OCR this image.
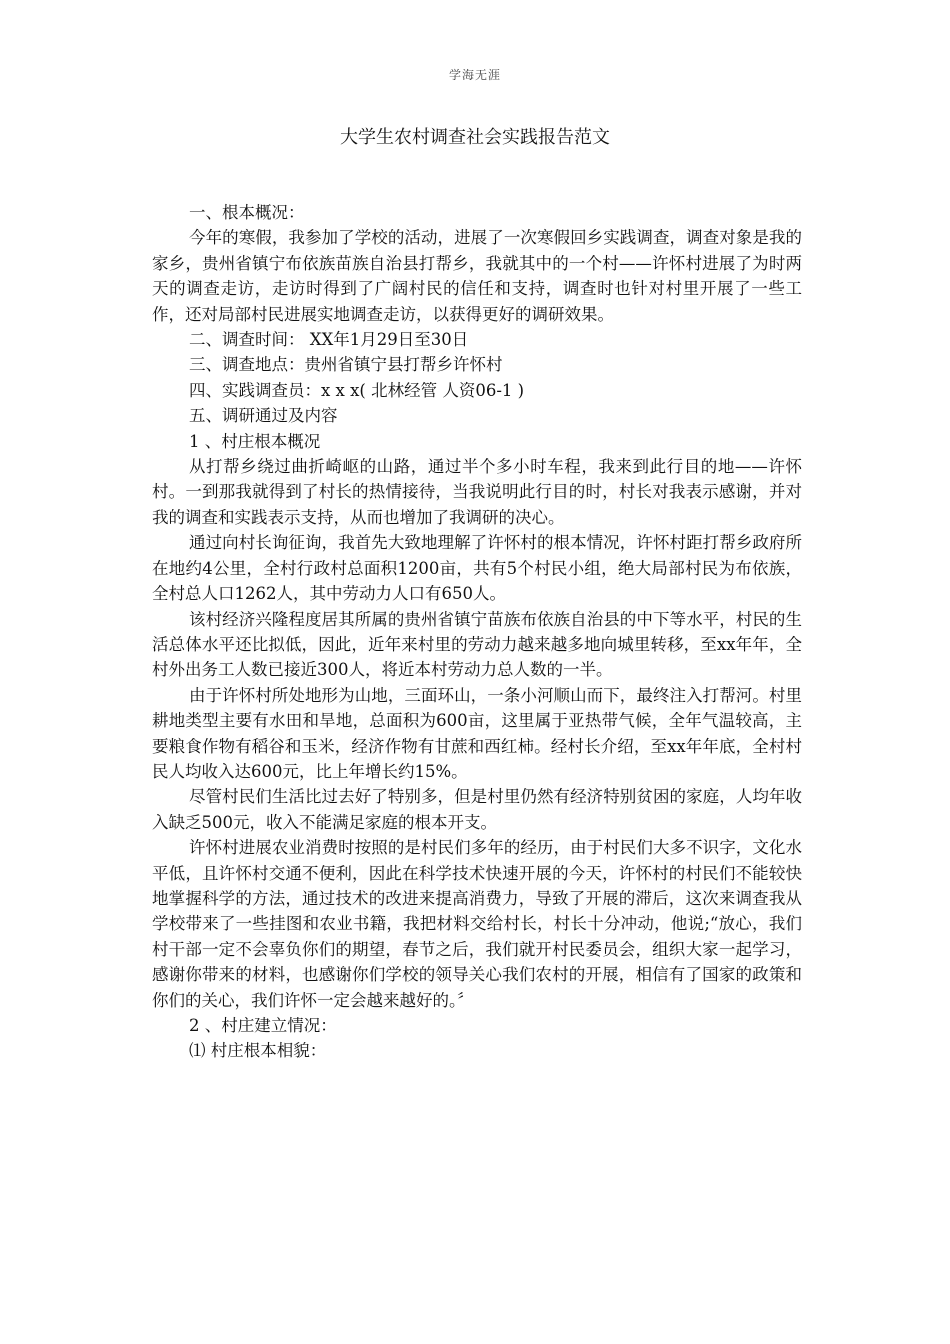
学海无涯
大学生农村调查社会实践报告范文

一、根本概况：

今年的寒假，我参加了学校的活动，进展了一次寒假回乡实践调查，调查对象是我的家乡，贵州省镇宁布依族苗族自治县打帮乡，我就其中的一个村——许怀村进展了为时两天的调查走访，走访时得到了广阔村民的信任和支持，调查时也针对村里开展了一些工作，还对局部村民进展实地调查走访，以获得更好的调研效果。

二、调查时间： XX年1月29日至30日

三、调查地点：贵州省镇宁县打帮乡许怀村

四、实践调查员：x x x( 北林经管 人资06-1 )

五、调研通过及内容

1 、村庄根本概况

从打帮乡绕过曲折崎岖的山路，通过半个多小时车程，我来到此行目的地——许怀村。一到那我就得到了村长的热情接待，当我说明此行目的时，村长对我表示感谢，并对我的调查和实践表示支持，从而也增加了我调研的决心。

通过向村长询征询，我首先大致地理解了许怀村的根本情况，许怀村距打帮乡政府所在地约4公里，全村行政村总面积1200亩，共有5个村民小组，绝大局部村民为布依族，全村总人口1262人，其中劳动力人口有650人。

该村经济兴隆程度居其所属的贵州省镇宁苗族布依族自治县的中下等水平，村民的生活总体水平还比拟低，因此，近年来村里的劳动力越来越多地向城里转移，至xx年年，全村外出务工人数已接近300人，将近本村劳动力总人数的一半。

由于许怀村所处地形为山地，三面环山，一条小河顺山而下，最终注入打帮河。村里耕地类型主要有水田和旱地，总面积为600亩，这里属于亚热带气候，全年气温较高，主要粮食作物有稻谷和玉米，经济作物有甘蔗和西红柿。经村长介绍，至xx年年底，全村村民人均收入达600元，比上年增长约15%。

尽管村民们生活比过去好了特别多，但是村里仍然有经济特别贫困的家庭，人均年收入缺乏500元，收入不能满足家庭的根本开支。

许怀村进展农业消费时按照的是村民们多年的经历，由于村民们大多不识字，文化水平低，且许怀村交通不便利，因此在科学技术快速开展的今天，许怀村的村民们不能较快地掌握科学的方法，通过技术的改进来提高消费力，导致了开展的滞后，这次来调查我从学校带来了一些挂图和农业书籍，我把材料交给村长，村长十分冲动，他说;“放心，我们村干部一定不会辜负你们的期望，春节之后，我们就开村民委员会，组织大家一起学习，感谢你带来的材料，也感谢你们学校的领导关心我们农村的开展，相信有了国家的政策和你们的关心，我们许怀一定会越来越好的。〞

2 、村庄建立情况：

⑴ 村庄根本相貌：
